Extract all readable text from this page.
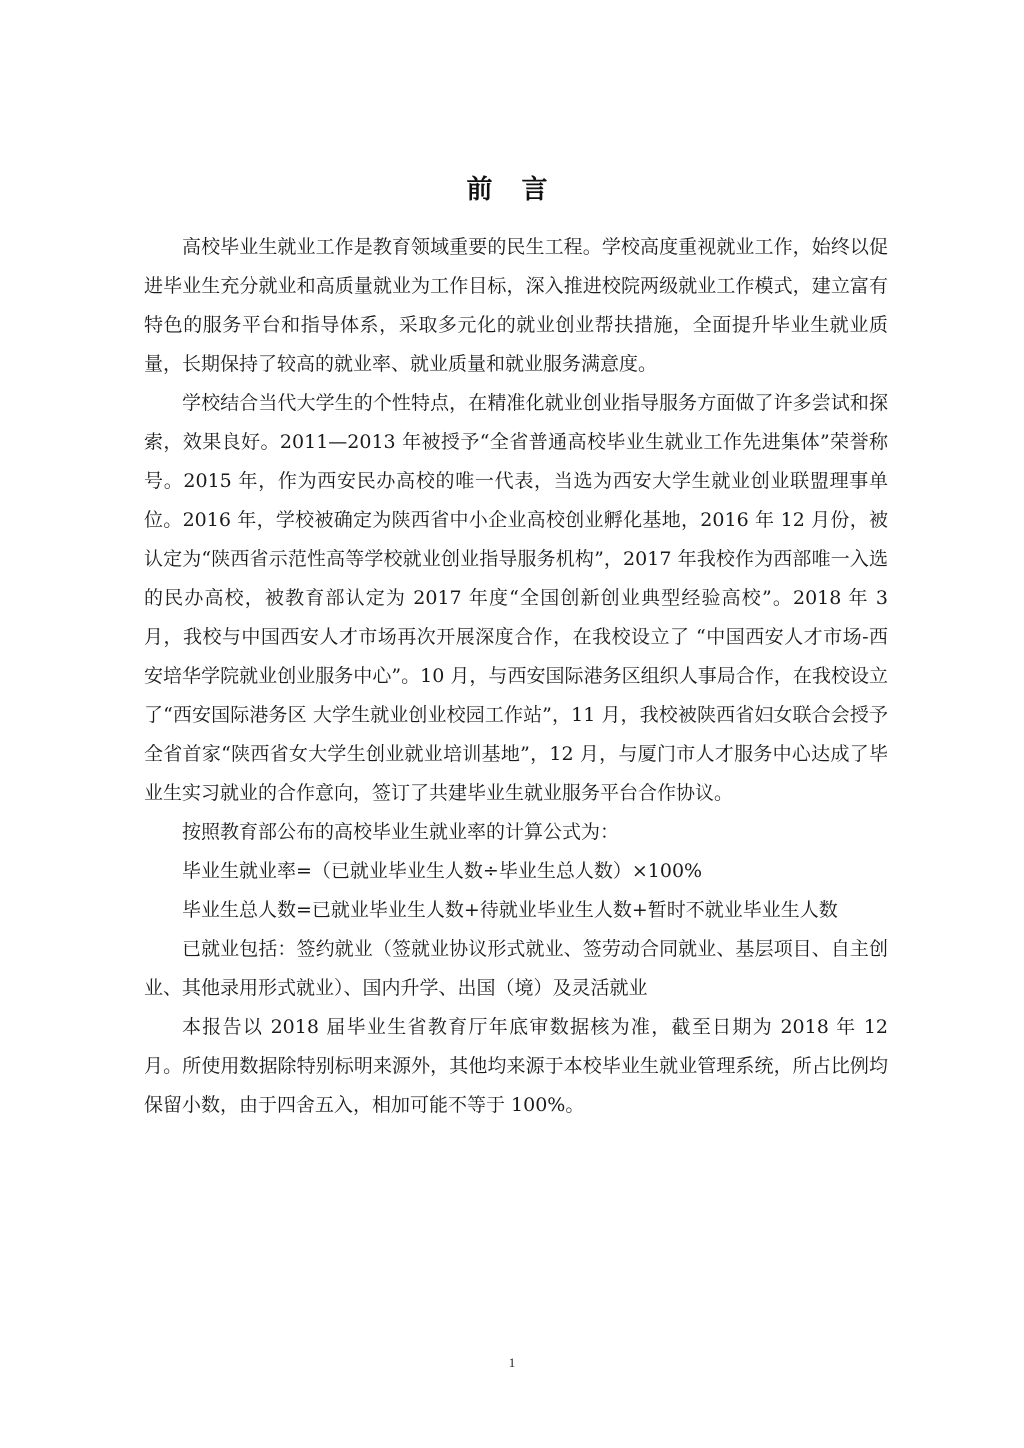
前 言

高校毕业生就业工作是教育领域重要的民生工程。学校高度重视就业工作，始终以促进毕业生充分就业和高质量就业为工作目标，深入推进校院两级就业工作模式，建立富有特色的服务平台和指导体系，采取多元化的就业创业帮扶措施，全面提升毕业生就业质量，长期保持了较高的就业率、就业质量和就业服务满意度。

学校结合当代大学生的个性特点，在精准化就业创业指导服务方面做了许多尝试和探索，效果良好。2011—2013 年被授予“全省普通高校毕业生就业工作先进集体”荣誉称号。2015 年，作为西安民办高校的唯一代表，当选为西安大学生就业创业联盟理事单位。2016 年，学校被确定为陕西省中小企业高校创业孵化基地，2016 年 12 月份，被认定为“陕西省示范性高等学校就业创业指导服务机构”，2017 年我校作为西部唯一入选的民办高校，被教育部认定为 2017 年度“全国创新创业典型经验高校”。2018 年 3 月，我校与中国西安人才市场再次开展深度合作，在我校设立了 “中国西安人才市场-西安培华学院就业创业服务中心”。10 月，与西安国际港务区组织人事局合作，在我校设立了“西安国际港务区 大学生就业创业校园工作站”，11 月，我校被陕西省妇女联合会授予全省首家“陕西省女大学生创业就业培训基地”，12 月，与厦门市人才服务中心达成了毕业生实习就业的合作意向，签订了共建毕业生就业服务平台合作协议。

按照教育部公布的高校毕业生就业率的计算公式为：

毕业生就业率=（已就业毕业生人数÷毕业生总人数）×100%

毕业生总人数=已就业毕业生人数+待就业毕业生人数+暂时不就业毕业生人数

已就业包括：签约就业（签就业协议形式就业、签劳动合同就业、基层项目、自主创业、其他录用形式就业）、国内升学、出国（境）及灵活就业

本报告以 2018 届毕业生省教育厅年底审数据核为准，截至日期为 2018 年 12 月。所使用数据除特别标明来源外，其他均来源于本校毕业生就业管理系统，所占比例均保留小数，由于四舍五入，相加可能不等于 100%。

1
